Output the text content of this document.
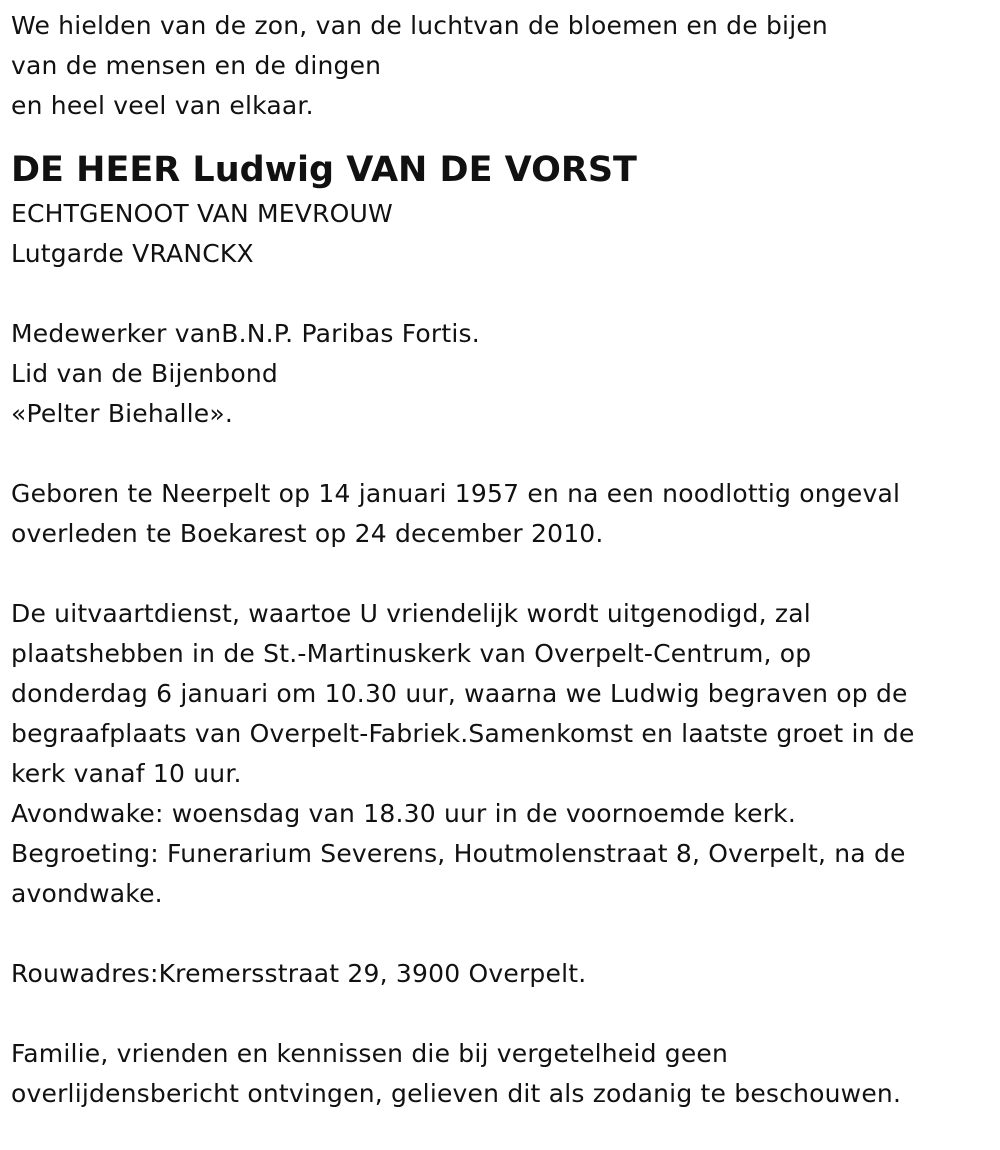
We hielden van de zon, van de luchtvan de bloemen en de bijen
van de mensen en de dingen
en heel veel van elkaar.
DE HEER Ludwig VAN DE VORST
ECHTGENOOT VAN MEVROUW
Lutgarde VRANCKX
Medewerker vanB.N.P. Paribas Fortis.
Lid van de Bijenbond
«Pelter Biehalle».
Geboren te Neerpelt op 14 januari 1957 en na een noodlottig ongeval
overleden te Boekarest op 24 december 2010.
De uitvaartdienst, waartoe U vriendelijk wordt uitgenodigd, zal
plaatshebben in de St.-Martinuskerk van Overpelt-Centrum, op
donderdag 6 januari om 10.30 uur, waarna we Ludwig begraven op de
begraafplaats van Overpelt-Fabriek.Samenkomst en laatste groet in de
kerk vanaf 10 uur.
Avondwake: woensdag van 18.30 uur in de voornoemde kerk.
Begroeting: Funerarium Severens, Houtmolenstraat 8, Overpelt, na de
avondwake.
Rouwadres:Kremersstraat 29, 3900 Overpelt.
Familie, vrienden en kennissen die bij vergetelheid geen
overlijdensbericht ontvingen, gelieven dit als zodanig te beschouwen.
